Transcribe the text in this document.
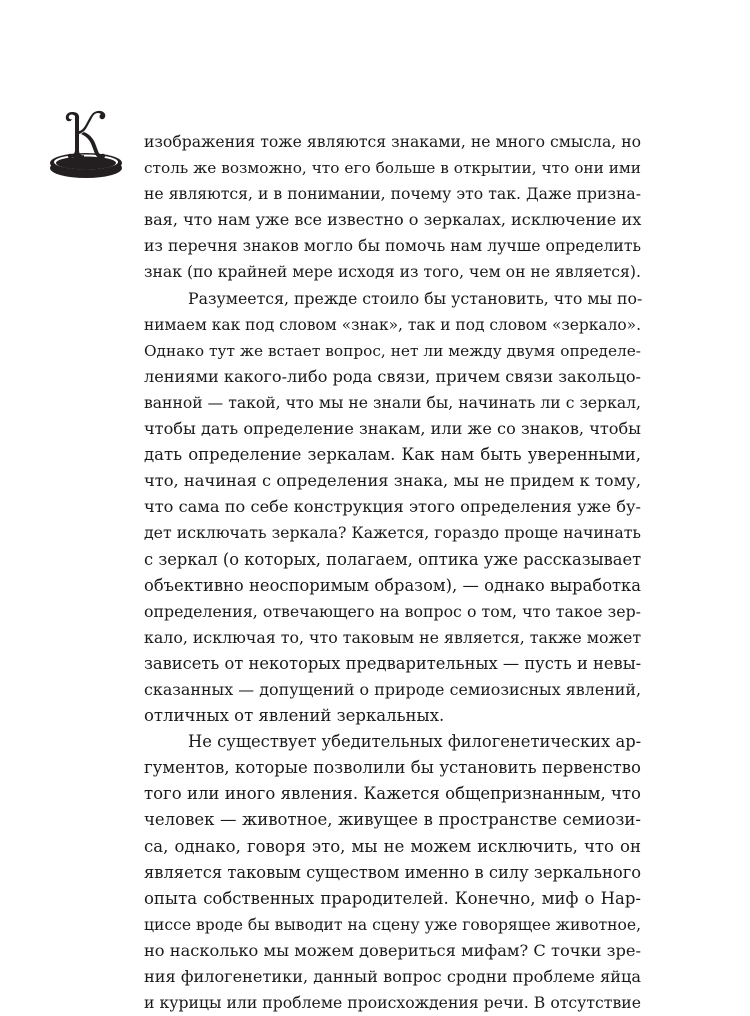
изображения тоже являются знаками, не много смысла, но
столь же возможно, что его больше в открытии, что они ими
не являются, и в понимании, почему это так. Даже призна-
вая, что нам уже все известно о зеркалах, исключение их
из перечня знаков могло бы помочь нам лучше определить
знак (по крайней мере исходя из того, чем он не является).
Разумеется, прежде стоило бы установить, что мы по-
нимаем как под словом «знак», так и под словом «зеркало».
Однако тут же встает вопрос, нет ли между двумя определе-
лениями какого-либо рода связи, причем связи закольцо-
ванной — такой, что мы не знали бы, начинать ли с зеркал,
чтобы дать определение знакам, или же со знаков, чтобы
дать определение зеркалам. Как нам быть уверенными,
что, начиная с определения знака, мы не придем к тому,
что сама по себе конструкция этого определения уже бу-
дет исключать зеркала? Кажется, гораздо проще начинать
с зеркал (о которых, полагаем, оптика уже рассказывает
объективно неоспоримым образом), — однако выработка
определения, отвечающего на вопрос о том, что такое зер-
кало, исключая то, что таковым не является, также может
зависеть от некоторых предварительных — пусть и невы-
сказанных — допущений о природе семиозисных явлений,
отличных от явлений зеркальных.
Не существует убедительных филогенетических ар-
гументов, которые позволили бы установить первенство
того или иного явления. Кажется общепризнанным, что
человек — животное, живущее в пространстве семиози-
са, однако, говоря это, мы не можем исключить, что он
является таковым существом именно в силу зеркального
опыта собственных прародителей. Конечно, миф о Нар-
циссе вроде бы выводит на сцену уже говорящее животное,
но насколько мы можем довериться мифам? С точки зре-
ния филогенетики, данный вопрос сродни проблеме яйца
и курицы или проблеме происхождения речи. В отсутствие
